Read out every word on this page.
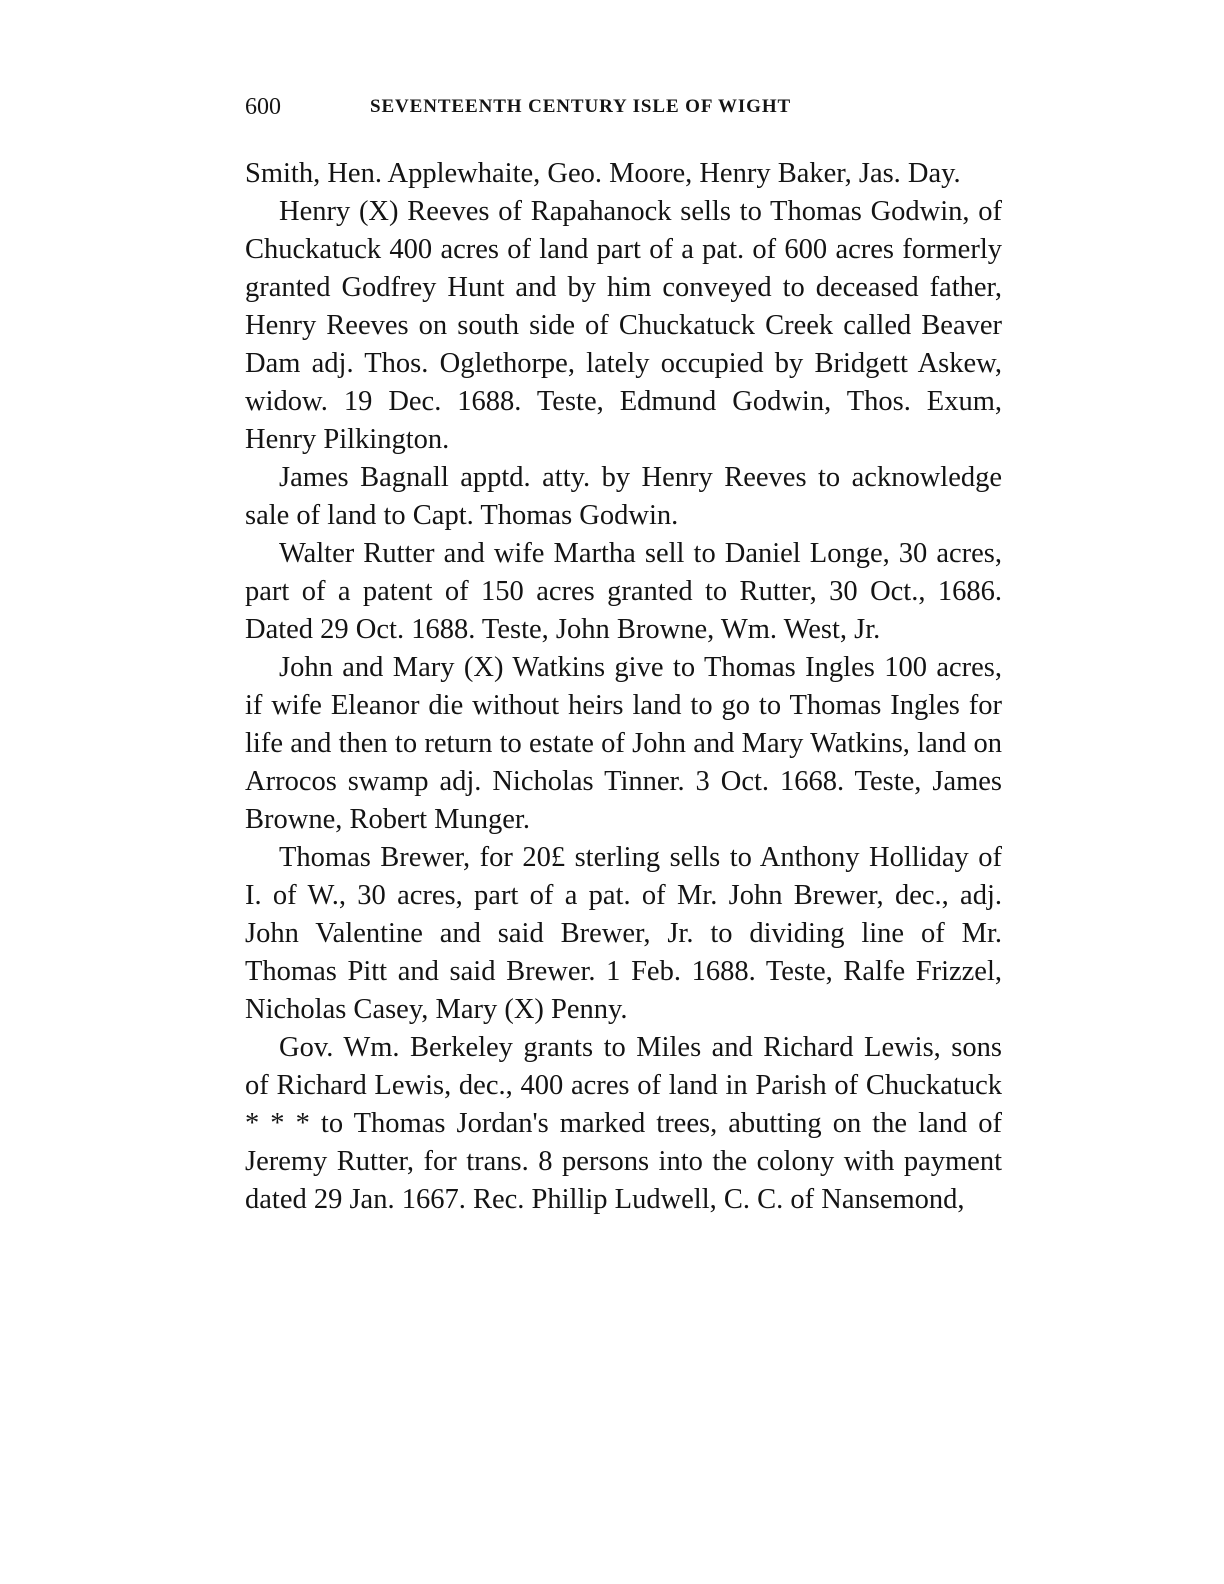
600	SEVENTEENTH CENTURY ISLE OF WIGHT

Smith, Hen. Applewhaite, Geo. Moore, Henry Baker, Jas. Day.

Henry (X) Reeves of Rapahanock sells to Thomas Godwin, of Chuckatuck 400 acres of land part of a pat. of 600 acres formerly granted Godfrey Hunt and by him conveyed to deceased father, Henry Reeves on south side of Chuckatuck Creek called Beaver Dam adj. Thos. Oglethorpe, lately occupied by Bridgett Askew, widow. 19 Dec. 1688. Teste, Edmund Godwin, Thos. Exum, Henry Pilkington.

James Bagnall apptd. atty. by Henry Reeves to acknowledge sale of land to Capt. Thomas Godwin.

Walter Rutter and wife Martha sell to Daniel Longe, 30 acres, part of a patent of 150 acres granted to Rutter, 30 Oct., 1686. Dated 29 Oct. 1688. Teste, John Browne, Wm. West, Jr.

John and Mary (X) Watkins give to Thomas Ingles 100 acres, if wife Eleanor die without heirs land to go to Thomas Ingles for life and then to return to estate of John and Mary Watkins, land on Arrocos swamp adj. Nicholas Tinner. 3 Oct. 1668. Teste, James Browne, Robert Munger.

Thomas Brewer, for 20£ sterling sells to Anthony Holliday of I. of W., 30 acres, part of a pat. of Mr. John Brewer, dec., adj. John Valentine and said Brewer, Jr. to dividing line of Mr. Thomas Pitt and said Brewer. 1 Feb. 1688. Teste, Ralfe Frizzel, Nicholas Casey, Mary (X) Penny.

Gov. Wm. Berkeley grants to Miles and Richard Lewis, sons of Richard Lewis, dec., 400 acres of land in Parish of Chuckatuck * * * to Thomas Jordan's marked trees, abutting on the land of Jeremy Rutter, for trans. 8 persons into the colony with payment dated 29 Jan. 1667. Rec. Phillip Ludwell, C. C. of Nansemond,
